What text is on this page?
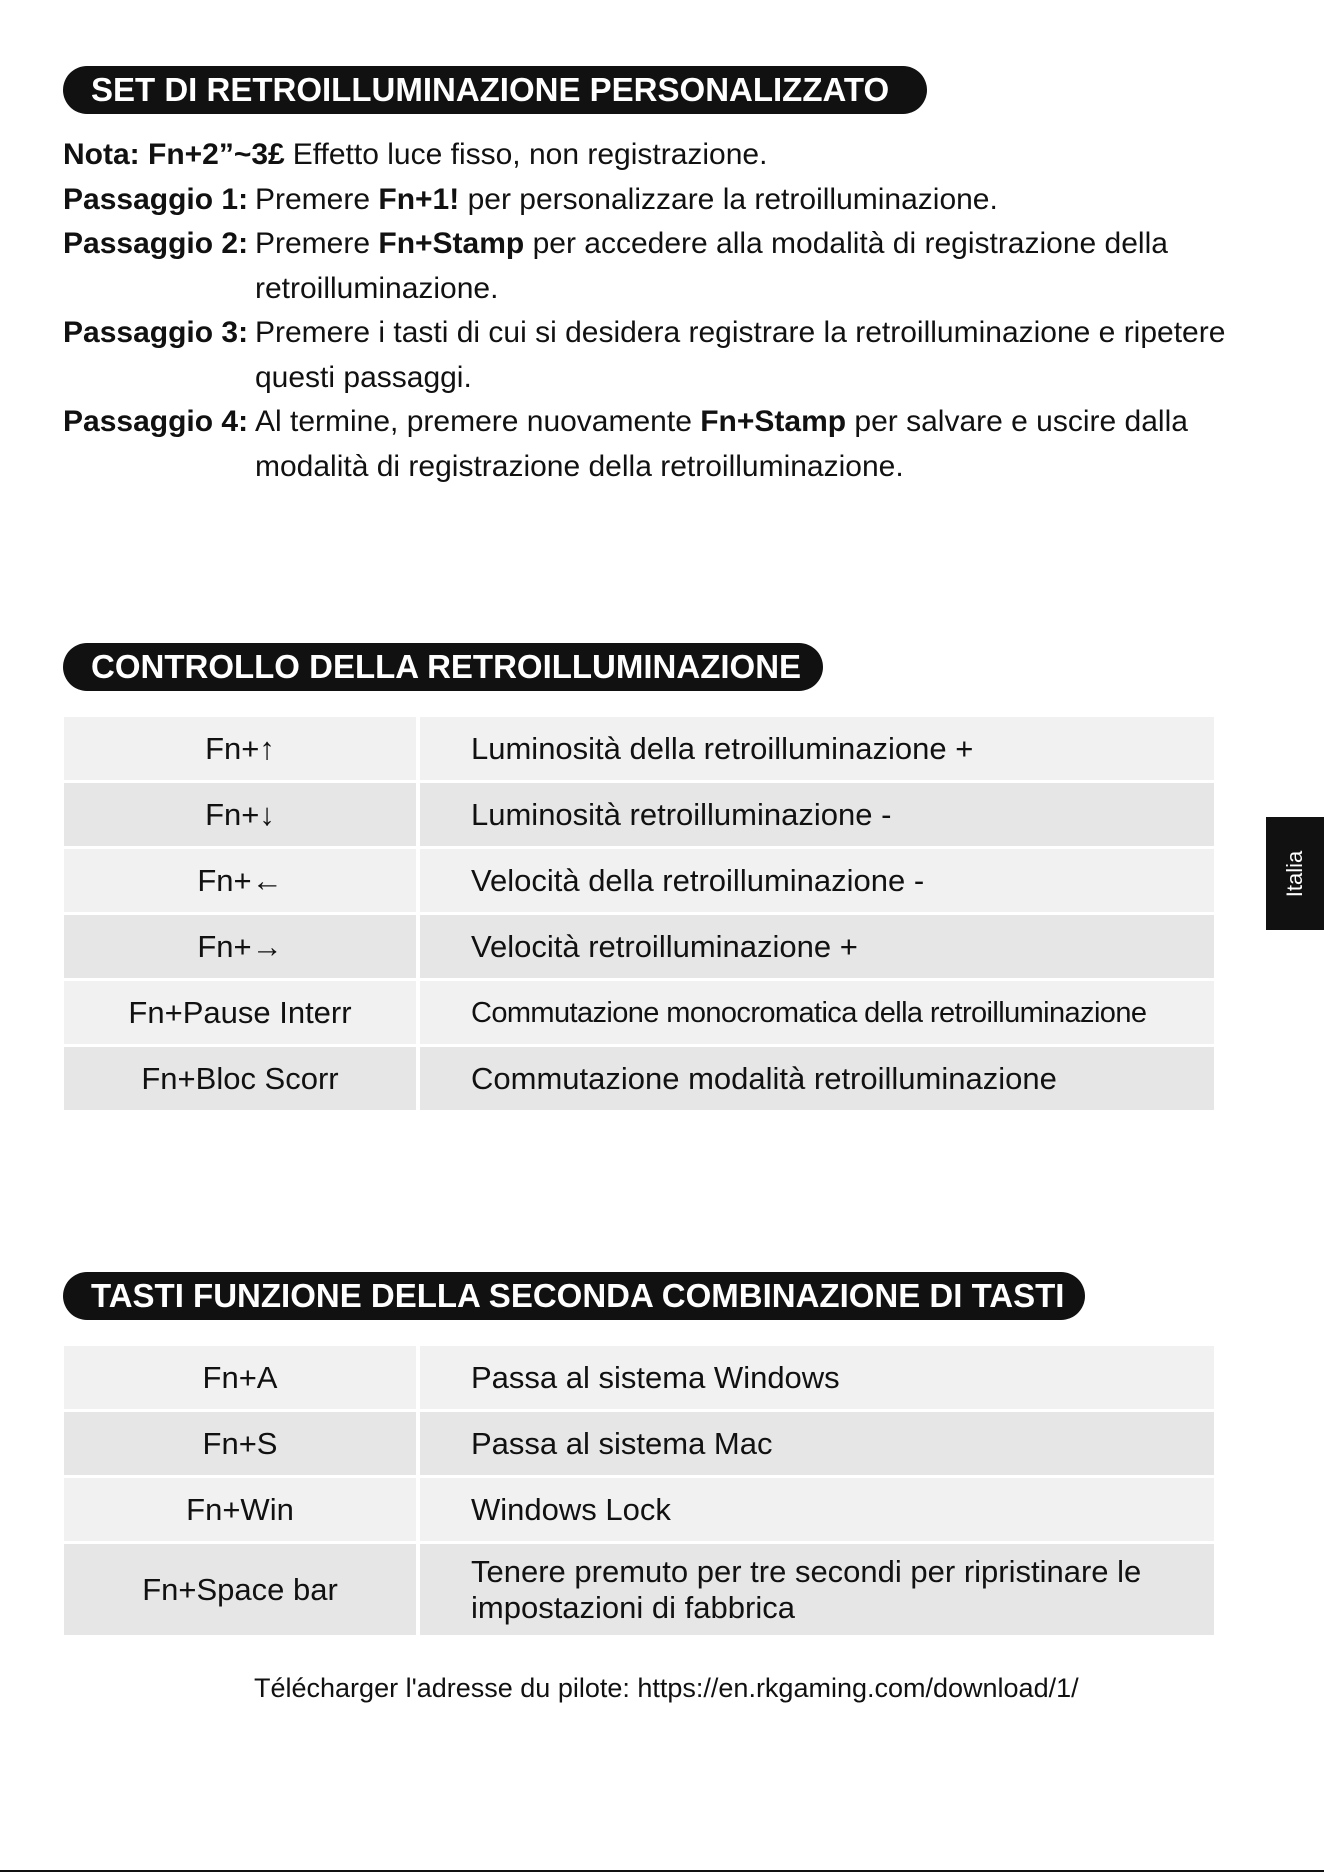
SET DI RETROILLUMINAZIONE PERSONALIZZATO
Nota: Fn+2”~3£ Effetto luce fisso, non registrazione.
Passaggio 1: Premere Fn+1! per personalizzare la retroilluminazione.
Passaggio 2: Premere Fn+Stamp per accedere alla modalità di registrazione della retroilluminazione.
Passaggio 3: Premere i tasti di cui si desidera registrare la retroilluminazione e ripetere questi passaggi.
Passaggio 4: Al termine, premere nuovamente Fn+Stamp per salvare e uscire dalla modalità di registrazione della retroilluminazione.
CONTROLLO DELLA RETROILLUMINAZIONE
Fn+↑	Luminosità della retroilluminazione +
Fn+↓	Luminosità retroilluminazione -
Fn+←	Velocità della retroilluminazione -
Fn+→	Velocità retroilluminazione +
Fn+Pause Interr	Commutazione monocromatica della retroilluminazione
Fn+Bloc Scorr	Commutazione modalità retroilluminazione
TASTI FUNZIONE DELLA SECONDA COMBINAZIONE DI TASTI
Fn+A	Passa al sistema Windows
Fn+S	Passa al sistema Mac
Fn+Win	Windows Lock
Fn+Space bar	Tenere premuto per tre secondi per ripristinare le impostazioni di fabbrica
Télécharger l'adresse du pilote: https://en.rkgaming.com/download/1/
Italia
